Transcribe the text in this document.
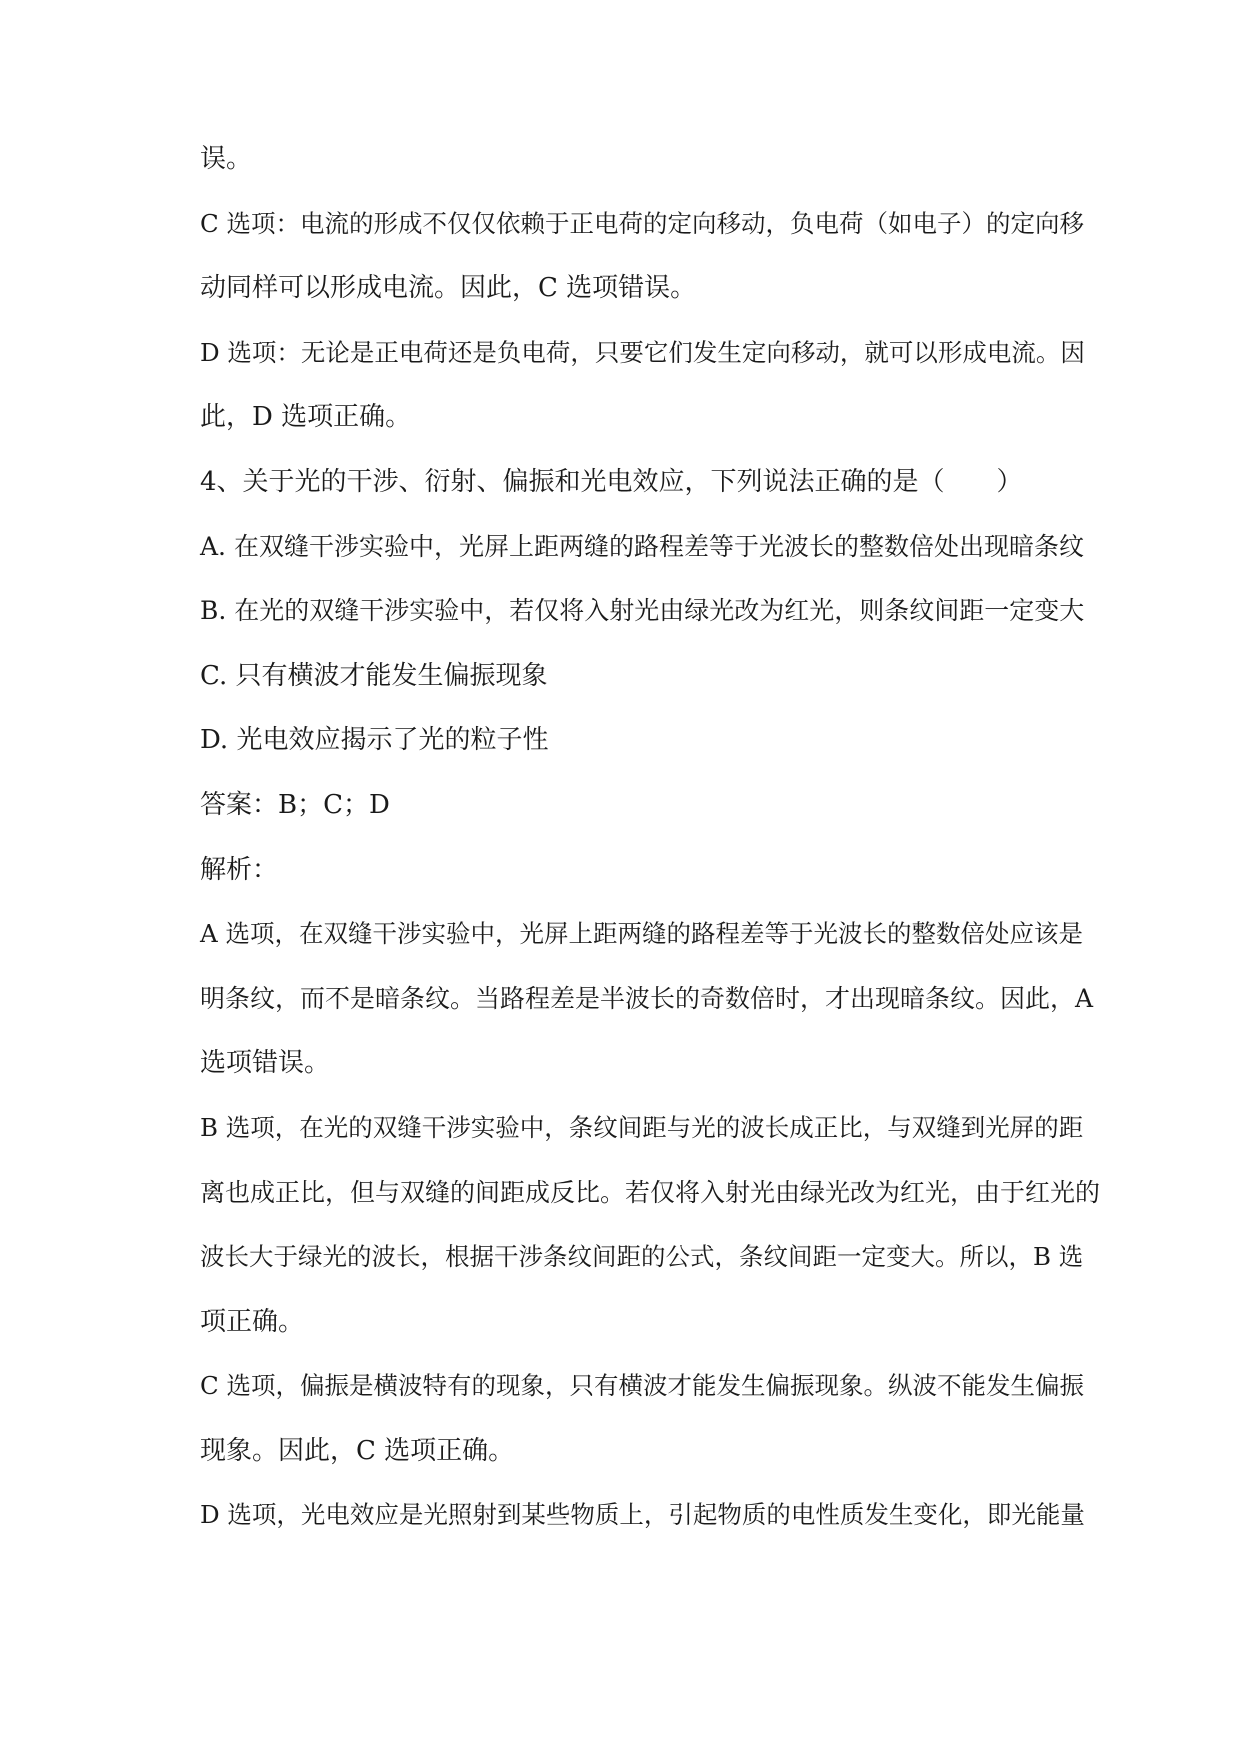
误。
C 选项：电流的形成不仅仅依赖于正电荷的定向移动，负电荷（如电子）的定向移
动同样可以形成电流。因此，C 选项错误。
D 选项：无论是正电荷还是负电荷，只要它们发生定向移动，就可以形成电流。因
此，D 选项正确。
4、关于光的干涉、衍射、偏振和光电效应，下列说法正确的是（　　）
A. 在双缝干涉实验中，光屏上距两缝的路程差等于光波长的整数倍处出现暗条纹
B. 在光的双缝干涉实验中，若仅将入射光由绿光改为红光，则条纹间距一定变大
C. 只有横波才能发生偏振现象
D. 光电效应揭示了光的粒子性
答案：B；C；D
解析：
A 选项，在双缝干涉实验中，光屏上距两缝的路程差等于光波长的整数倍处应该是
明条纹，而不是暗条纹。当路程差是半波长的奇数倍时，才出现暗条纹。因此，A
选项错误。
B 选项，在光的双缝干涉实验中，条纹间距与光的波长成正比，与双缝到光屏的距
离也成正比，但与双缝的间距成反比。若仅将入射光由绿光改为红光，由于红光的
波长大于绿光的波长，根据干涉条纹间距的公式，条纹间距一定变大。所以，B 选
项正确。
C 选项，偏振是横波特有的现象，只有横波才能发生偏振现象。纵波不能发生偏振
现象。因此，C 选项正确。
D 选项，光电效应是光照射到某些物质上，引起物质的电性质发生变化，即光能量
